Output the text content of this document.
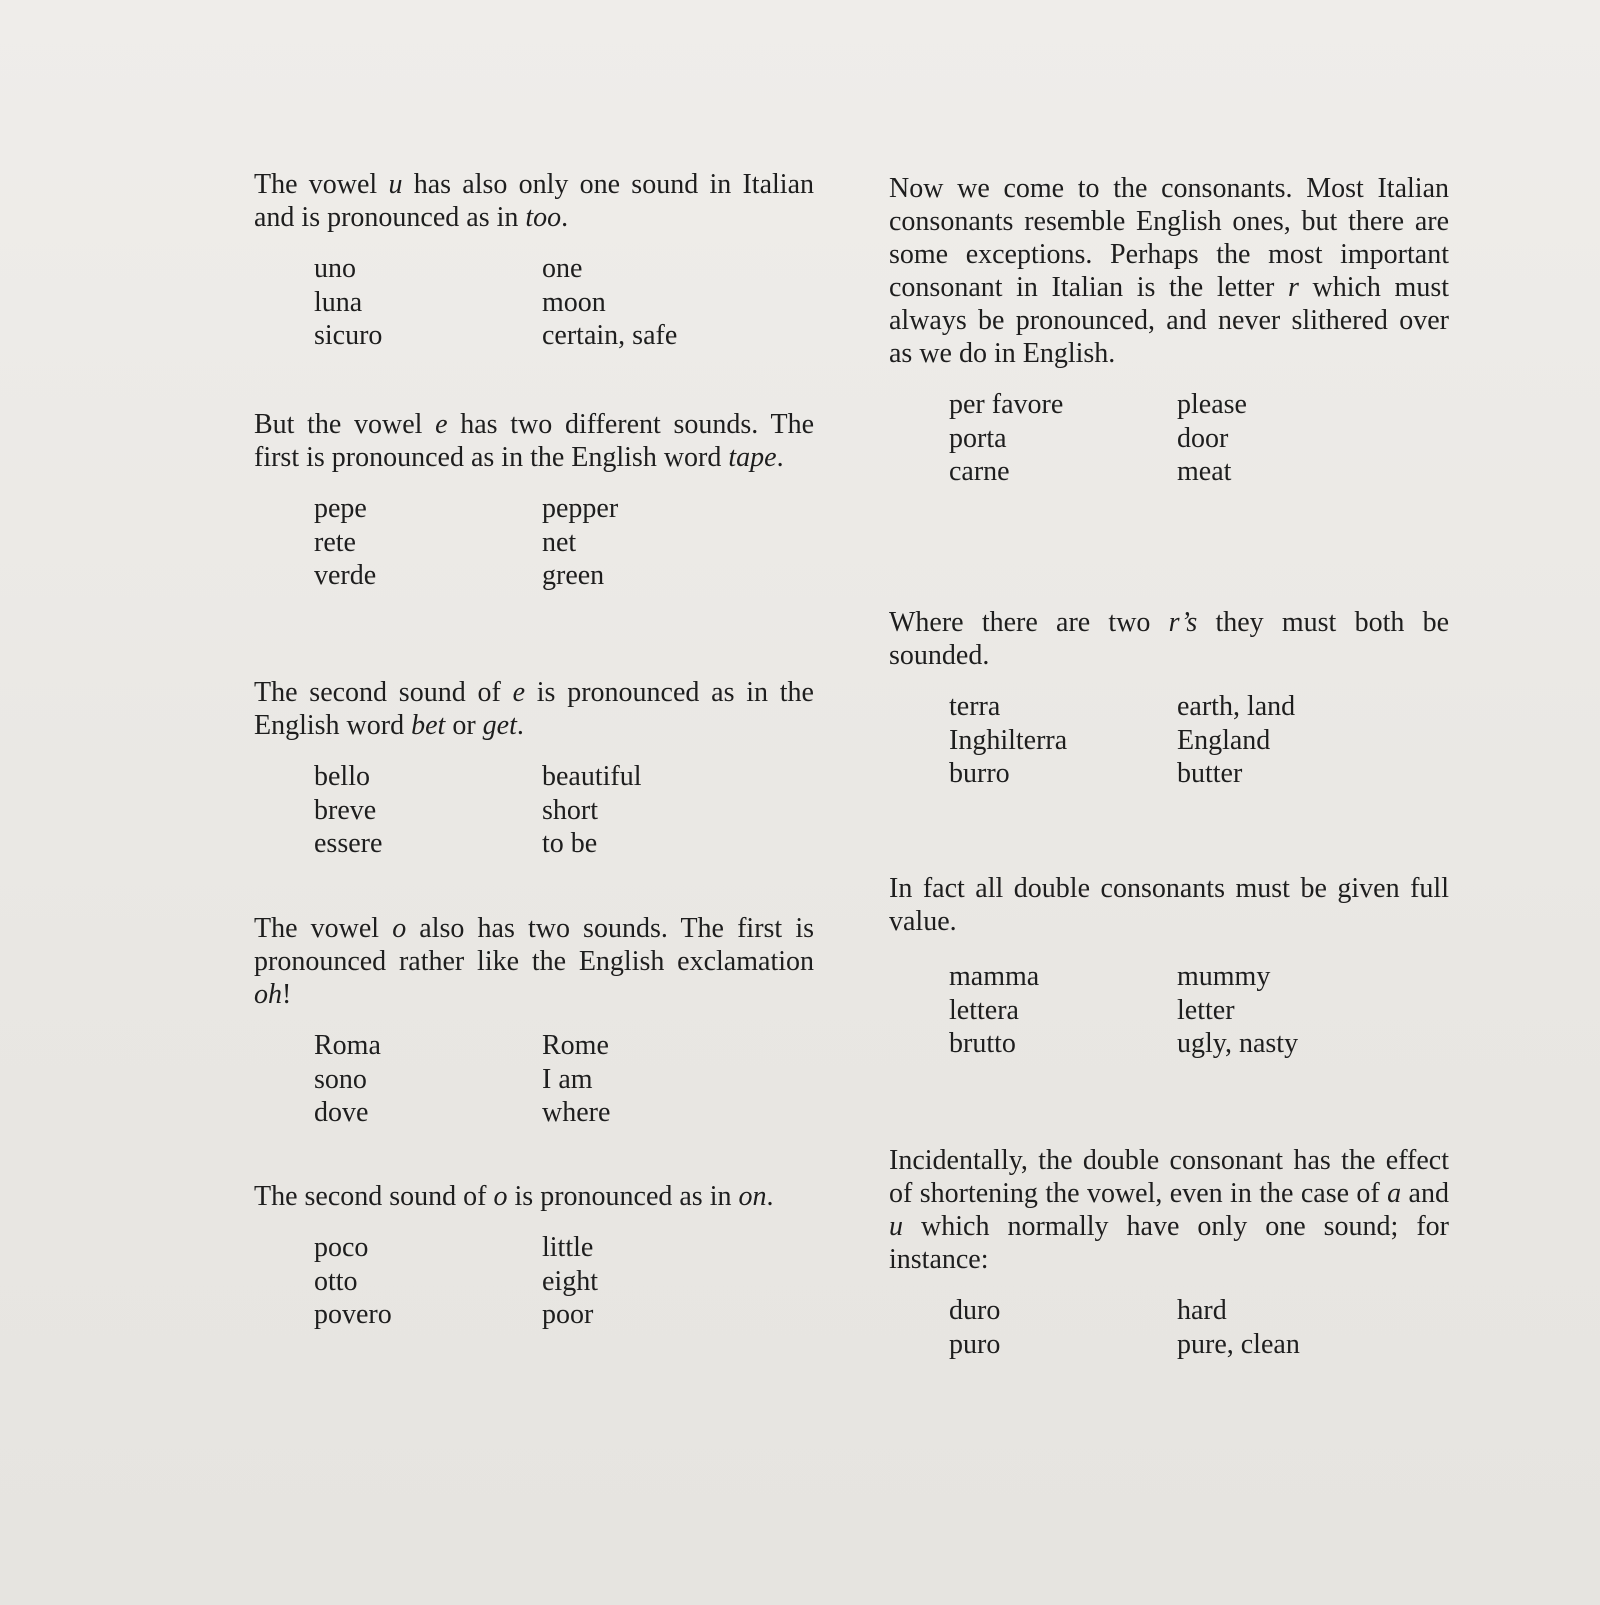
The vowel u has also only one sound in Italian and is pronounced as in too.

uno	one
luna	moon
sicuro	certain, safe

But the vowel e has two different sounds. The first is pronounced as in the English word tape.

pepe	pepper
rete	net
verde	green

The second sound of e is pronounced as in the English word bet or get.

bello	beautiful
breve	short
essere	to be

The vowel o also has two sounds. The first is pronounced rather like the English exclamation oh!

Roma	Rome
sono	I am
dove	where

The second sound of o is pronounced as in on.

poco	little
otto	eight
povero	poor

Now we come to the consonants. Most Italian consonants resemble English ones, but there are some exceptions. Perhaps the most important consonant in Italian is the letter r which must always be pronounced, and never slithered over as we do in English.

per favore	please
porta	door
carne	meat

Where there are two r’s they must both be sounded.

terra	earth, land
Inghilterra	England
burro	butter

In fact all double consonants must be given full value.

mamma	mummy
lettera	letter
brutto	ugly, nasty

Incidentally, the double consonant has the effect of shortening the vowel, even in the case of a and u which normally have only one sound; for instance:

duro	hard
puro	pure, clean
